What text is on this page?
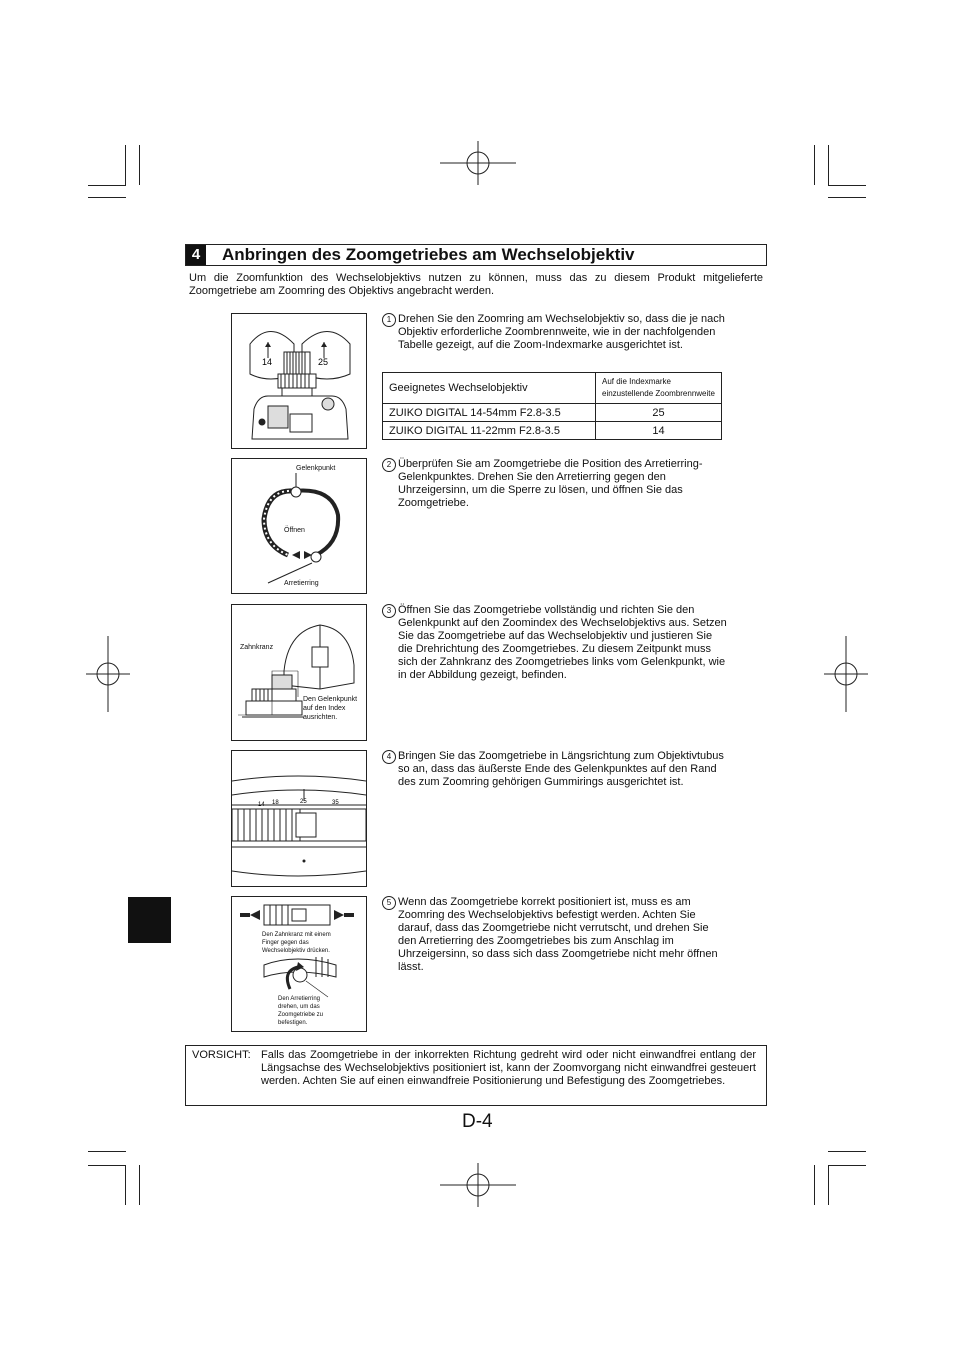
4	Anbringen des Zoomgetriebes am Wechselobjektiv
Um die Zoomfunktion des Wechselobjektivs nutzen zu können, muss das zu diesem Produkt mitgelieferte Zoomgetriebe am Zoomring des Objektivs angebracht werden.
14	25
1 Drehen Sie den Zoomring am Wechselobjektiv so, dass die je nach Objektiv erforderliche Zoombrennweite, wie in der nachfolgenden Tabelle gezeigt, auf die Zoom-Indexmarke ausgerichtet ist.
Geeignetes Wechselobjektiv	Auf die Indexmarke
einzustellende Zoombrennweite

ZUIKO DIGITAL 14-54mm F2.8-3.5	25
ZUIKO DIGITAL 11-22mm F2.8-3.5	14
Gelenkpunkt
Öffnen
Arretierring
2 Überprüfen Sie am Zoomgetriebe die Position des Arretierring-Gelenkpunktes. Drehen Sie den Arretierring gegen den Uhrzeigersinn, um die Sperre zu lösen, und öffnen Sie das Zoomgetriebe.
Zahnkranz
Den Gelenkpunkt
auf den Index
ausrichten.
3 Öffnen Sie das Zoomgetriebe vollständig und richten Sie den Gelenkpunkt auf den Zoomindex des Wechselobjektivs aus. Setzen Sie das Zoomgetriebe auf das Wechselobjektiv und justieren Sie die Drehrichtung des Zoomgetriebes. Zu diesem Zeitpunkt muss sich der Zahnkranz des Zoomgetriebes links vom Gelenkpunkt, wie in der Abbildung gezeigt, befinden.
14 18	25	35
4 Bringen Sie das Zoomgetriebe in Längsrichtung zum Objektivtubus so an, dass das äußerste Ende des Gelenkpunktes auf den Rand des zum Zoomring gehörigen Gummirings ausgerichtet ist.
Den Zahnkranz mit einem
Finger gegen das
Wechselobjektiv drücken.
Den Arretierring
drehen, um das
Zoomgetriebe zu
befestigen.
5 Wenn das Zoomgetriebe korrekt positioniert ist, muss es am Zoomring des Wechselobjektivs befestigt werden. Achten Sie darauf, dass das Zoomgetriebe nicht verrutscht, und drehen Sie den Arretierring des Zoomgetriebes bis zum Anschlag im Uhrzeigersinn, so dass sich dass Zoomgetriebe nicht mehr öffnen lässt.
VORSICHT: Falls das Zoomgetriebe in der inkorrekten Richtung gedreht wird oder nicht einwandfrei entlang der Längsachse des Wechselobjektivs positioniert ist, kann der Zoomvorgang nicht einwandfrei gesteuert werden. Achten Sie auf einen einwandfreie Positionierung und Befestigung des Zoomgetriebes.
D-4
